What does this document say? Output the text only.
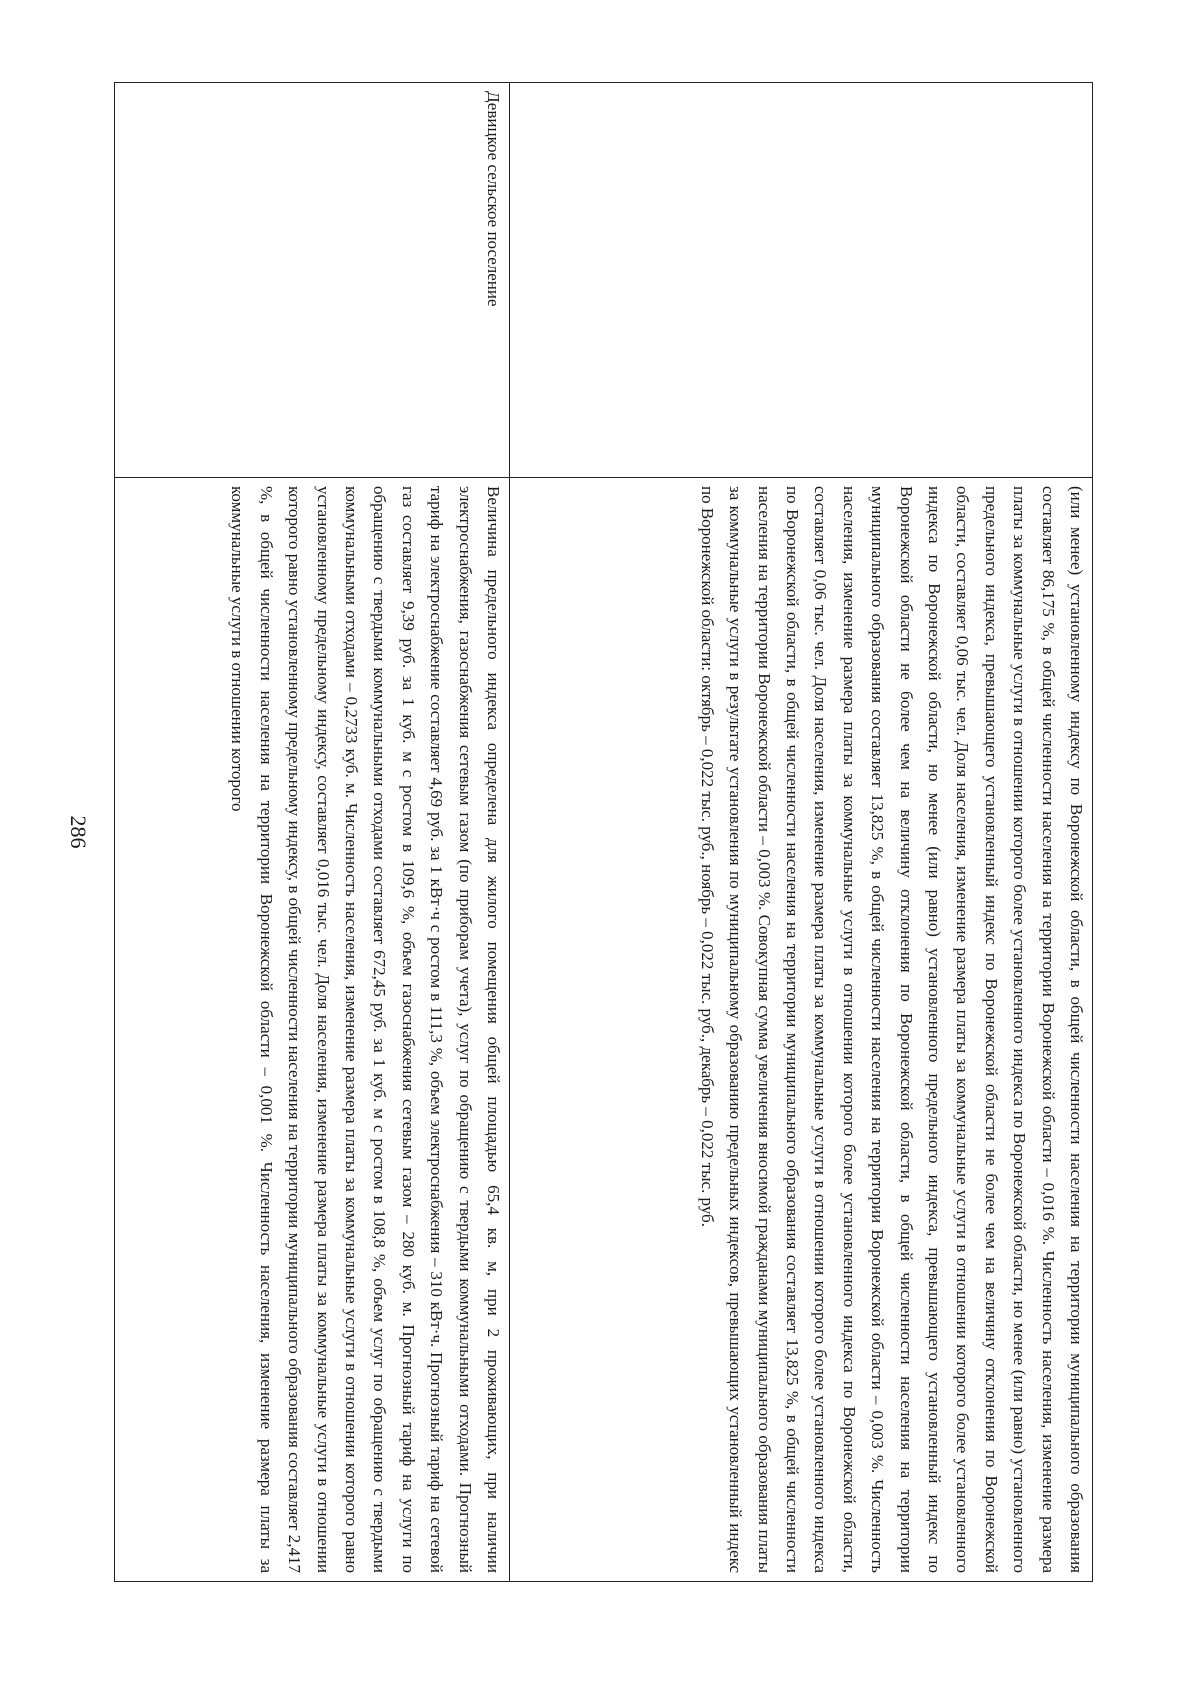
	(или менее) установленному индексу по Воронежской области, в общей численности населения на территории муниципального образования составляет 86,175 %, в общей численности населения на территории Воронежской области – 0,016 %. Численность населения, изменение размера платы за коммунальные услуги в отношении которого более установленного индекса по Воронежской области, но менее (или равно) установленного предельного индекса, превышающего установленный индекс по Воронежской области не более чем на величину отклонения по Воронежской области, составляет 0,06 тыс. чел. Доля населения, изменение размера платы за коммунальные услуги в отношении которого более установленного индекса по Воронежской области, но менее (или равно) установленного предельного индекса, превышающего установленный индекс по Воронежской области не более чем на величину отклонения по Воронежской области, в общей численности населения на территории муниципального образования составляет 13,825 %, в общей численности населения на территории Воронежской области – 0,003 %. Численность населения, изменение размера платы за коммунальные услуги в отношении которого более установленного индекса по Воронежской области, составляет 0,06 тыс. чел. Доля населения, изменение размера платы за коммунальные услуги в отношении которого более установленного индекса по Воронежской области, в общей численности населения на территории муниципального образования составляет 13,825 %, в общей численности населения на территории Воронежской области – 0,003 %. Совокупная сумма увеличения вносимой гражданами муниципального образования платы за коммунальные услуги в результате установления по муниципальному образованию предельных индексов, превышающих установленный индекс по Воронежской области: октябрь – 0,022 тыс. руб., ноябрь – 0,022 тыс. руб., декабрь – 0,022 тыс. руб.
Девицкое сельское поселение	Величина предельного индекса определена для жилого помещения общей площадью 65,4 кв. м, при 2 проживающих, при наличии электроснабжения, газоснабжения сетевым газом (по приборам учета), услуг по обращению с твердыми коммунальными отходами. Прогнозный тариф на электроснабжение составляет 4,69 руб. за 1 кВт·ч с ростом в 111,3 %, объем электроснабжения – 310 кВт·ч. Прогнозный тариф на сетевой газ составляет 9,39 руб. за 1 куб. м с ростом в 109,6 %, объем газоснабжения сетевым газом – 280 куб. м. Прогнозный тариф на услуги по обращению с твердыми коммунальными отходами составляет 672,45 руб. за 1 куб. м с ростом в 108,8 %, объем услуг по обращению с твердыми коммунальными отходами – 0,2733 куб. м. Численность населения, изменение размера платы за коммунальные услуги в отношении которого равно установленному предельному индексу, составляет 0,016 тыс. чел. Доля населения, изменение размера платы за коммунальные услуги в отношении которого равно установленному предельному индексу, в общей численности населения на территории муниципального образования составляет 2,417 %, в общей численности населения на территории Воронежской области – 0,001 %. Численность населения, изменение размера платы за коммунальные услуги в отношении которого
286
